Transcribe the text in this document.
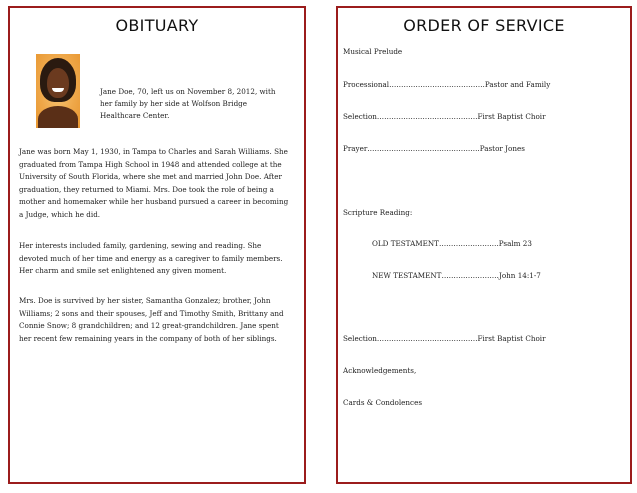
OBITUARY
Jane Doe, 70, left us on November 8, 2012, with her family by her side at Wolfson Bridge Healthcare Center.
Jane was born May 1, 1930, in Tampa to Charles and Sarah Williams. She graduated from Tampa High School in 1948 and attended college at the University of South Florida, where she met and married John Doe. After graduation, they returned to Miami. Mrs. Doe took the role of being a mother and homemaker while her husband pursued a career in becoming a Judge, which he did.
Her interests included family, gardening, sewing and reading. She devoted much of her time and energy as a caregiver to family members. Her charm and smile set enlightened any given moment.
Mrs. Doe is survived by her sister, Samantha Gonzalez; brother, John Williams; 2 sons and their spouses, Jeff and Timothy Smith, Brittany and Connie Snow; 8 grandchildren; and 12 great-grandchildren. Jane spent her recent few remaining years in the company of both of her siblings.
ORDER OF SERVICE
Musical Prelude
Processional………………………………….Pastor and Family
Selection……………………………………First Baptist Choir
Prayer………………………………………..Pastor Jones
Scripture Reading:
OLD TESTAMENT…………………….Psalm 23
NEW TESTAMENT……………………John 14:1-7
Selection……………………………………First Baptist Choir
Acknowledgements,
Cards & Condolences
